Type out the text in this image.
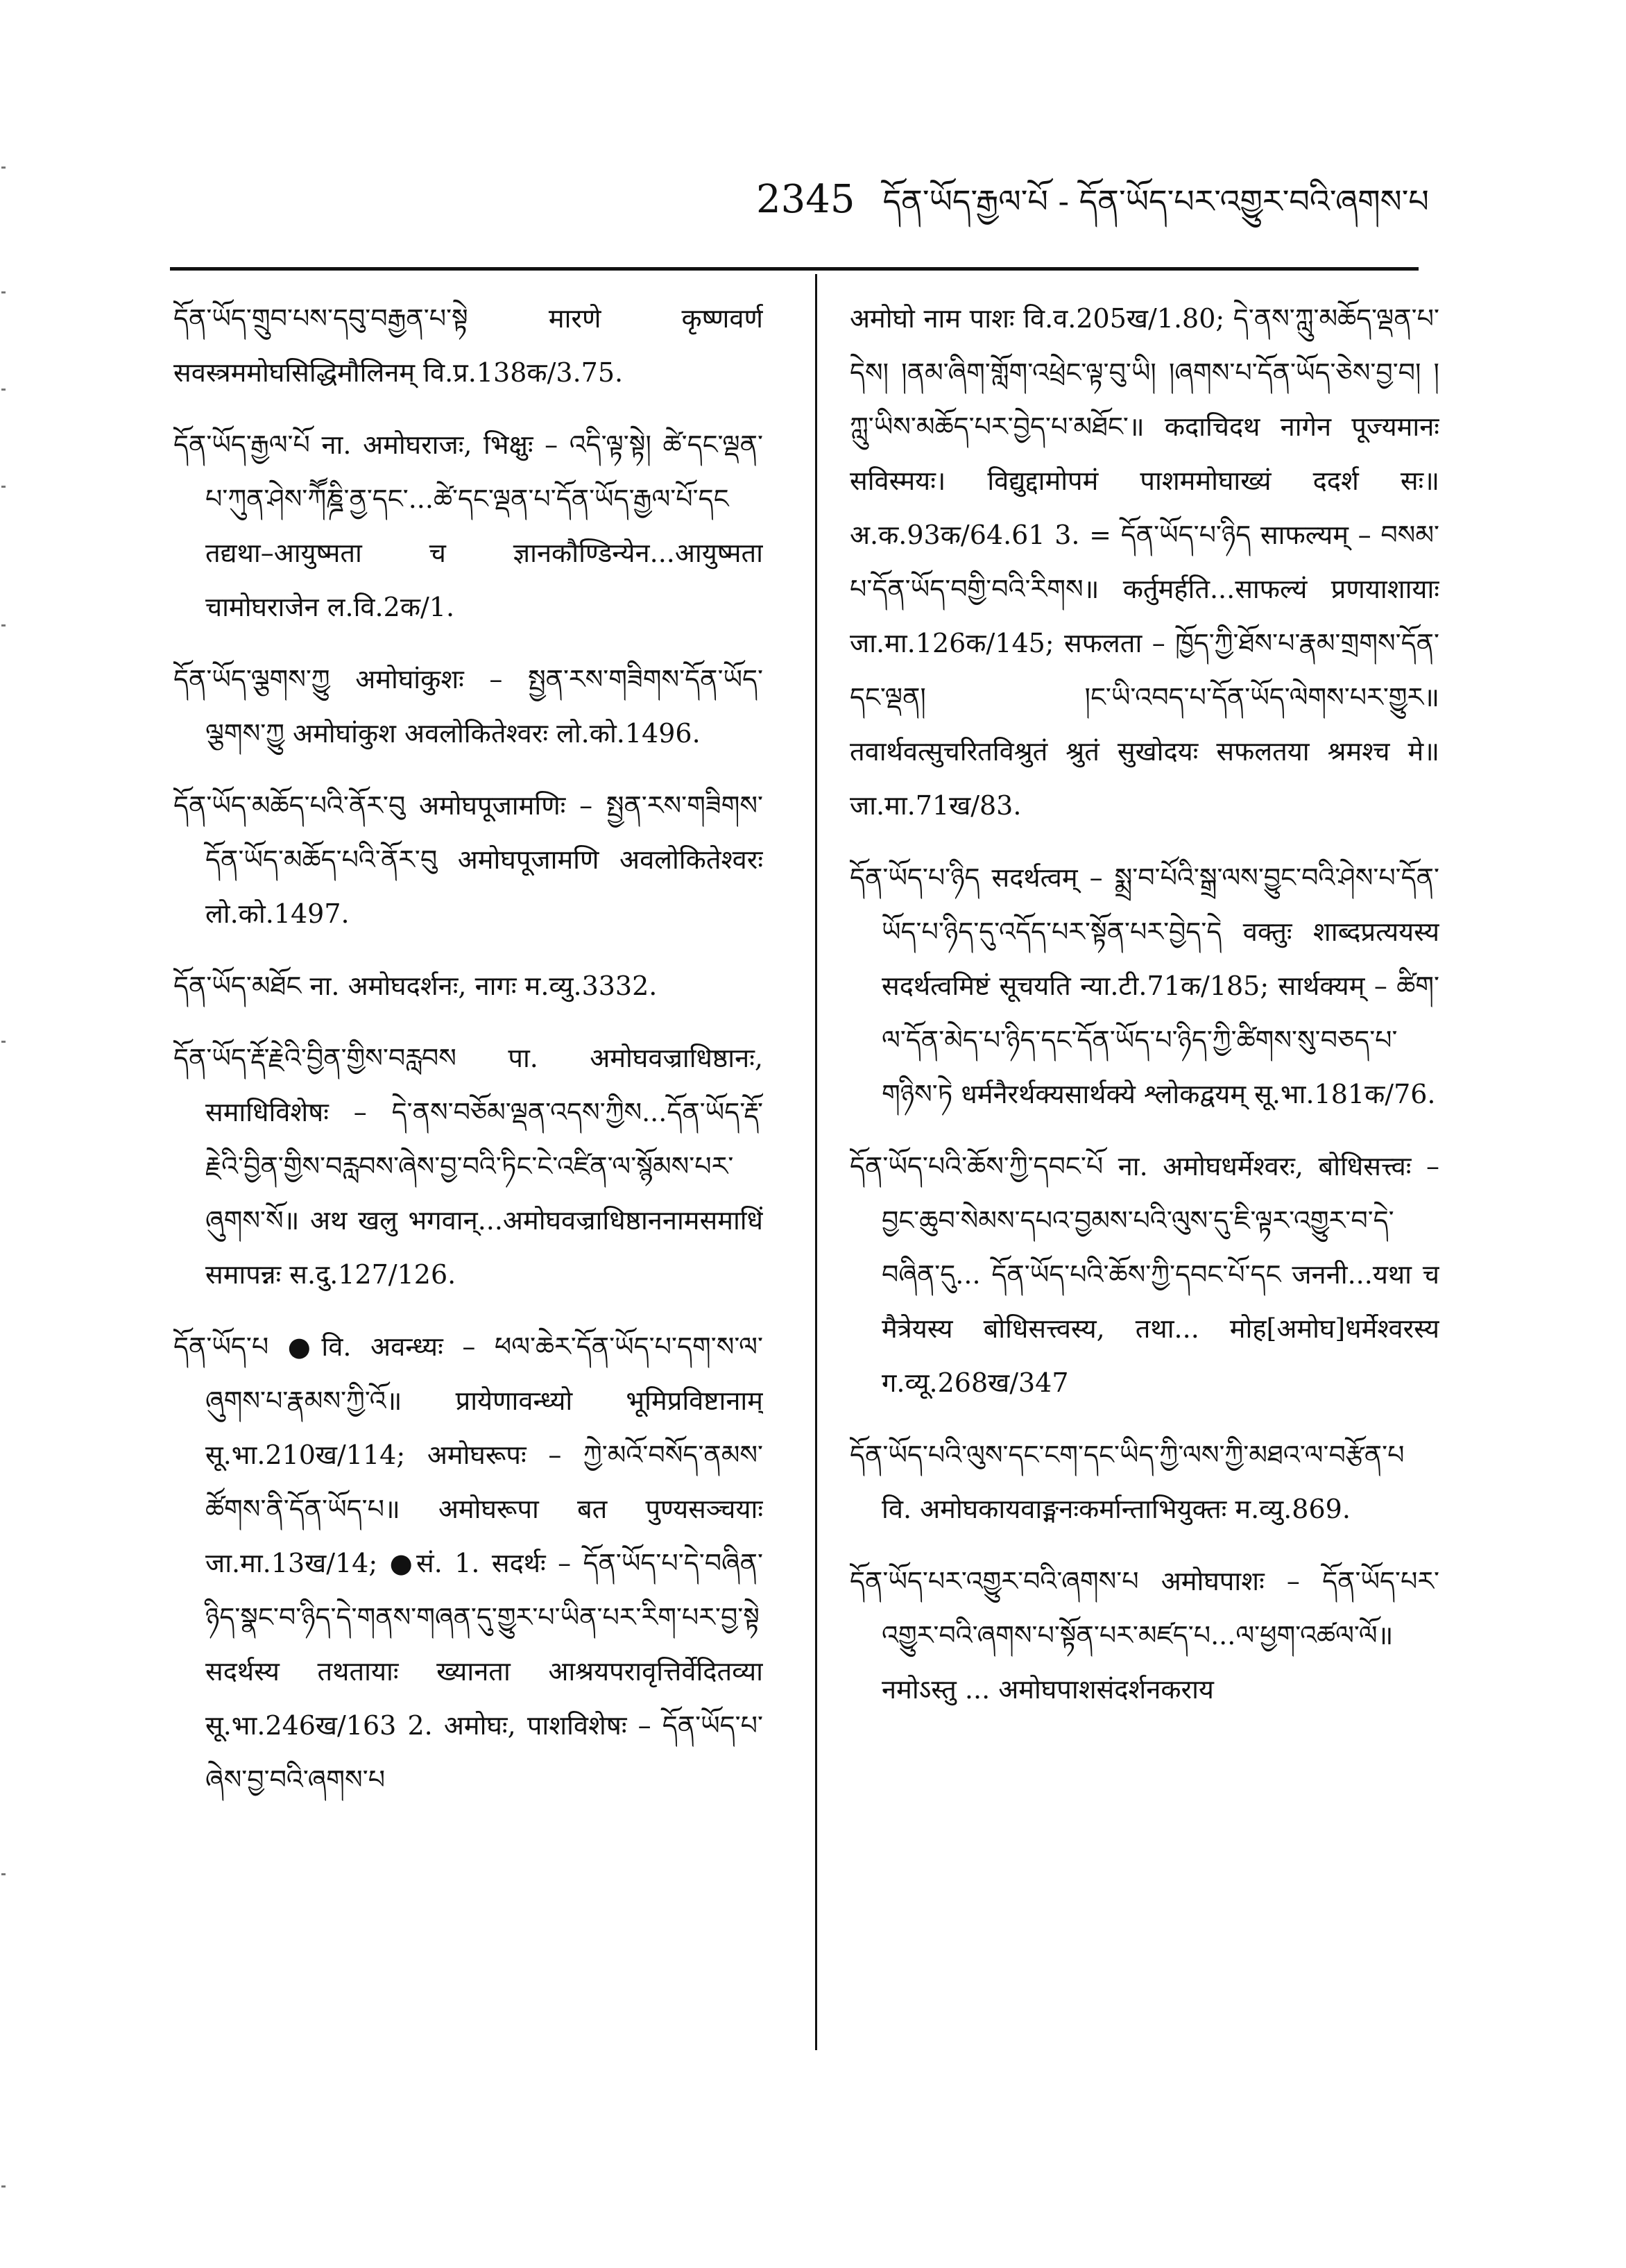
2345 དོན་ཡོད་རྒྱལ་པོ - དོན་ཡོད་པར་འགྱུར་བའི་ཞགས་པ

དོན་ཡོད་གྲུབ་པས་དབུ་བརྒྱན་པ་སྟེ मारणे कृष्णवर्ण सवस्त्रममोघसिद्धिमौलिनम् वि.प्र.138क/3.75.

དོན་ཡོད་རྒྱལ་པོ ना. अमोघराजः, भिक्षुः – འདི་ལྟ་སྟེ། ཚེ་དང་ལྡན་པ་ཀུན་ཤེས་ཀཽཎྜི་ནྱ་དང་...ཚེ་དང་ལྡན་པ་དོན་ཡོད་རྒྱལ་པོ་དང तद्यथा–आयुष्मता च ज्ञानकौण्डिन्येन...आयुष्मता चामोघराजेन ल.वि.2क/1.

དོན་ཡོད་ལྕགས་ཀྱུ अमोघांकुशः – སྤྱན་རས་གཟིགས་དོན་ཡོད་ལྕགས་ཀྱུ अमोघांकुश अवलोकितेश्वरः लो.को.1496.

དོན་ཡོད་མཆོད་པའི་ནོར་བུ अमोघपूजामणिः – སྤྱན་རས་གཟིགས་དོན་ཡོད་མཆོད་པའི་ནོར་བུ अमोघपूजामणि अवलोकितेश्वरः लो.को.1497.

དོན་ཡོད་མཐོང ना. अमोघदर्शनः, नागः म.व्यु.3332.

དོན་ཡོད་རྡོ་རྗེའི་བྱིན་གྱིས་བརླབས पा. अमोघवज्राधिष्ठानः, समाधिविशेषः – དེ་ནས་བཅོམ་ལྡན་འདས་ཀྱིས...དོན་ཡོད་རྡོ་རྗེའི་བྱིན་གྱིས་བརླབས་ཞེས་བྱ་བའི་ཏིང་ངེ་འཛིན་ལ་སྙོམས་པར་ཞུགས་སོ॥ अथ खलु भगवान्...अमोघवज्राधिष्ठाननामसमाधिं समापन्नः स.दु.127/126.

དོན་ཡོད་པ ●वि. अवन्ध्यः – ཕལ་ཆེར་དོན་ཡོད་པ་དག་ས་ལ་ཞུགས་པ་རྣམས་ཀྱི་འོ॥ प्रायेणावन्ध्यो भूमिप्रविष्टानाम् सू.भा.210ख/114; अमोघरूपः – ཀྱེ་མའོ་བསོད་ནམས་ཚོགས་ནི་དོན་ཡོད་པ॥ अमोघरूपा बत पुण्यसञ्चयाः जा.मा.13ख/14; ●सं. 1. सदर्थः – དོན་ཡོད་པ་དེ་བཞིན་ཉིད་སྣང་བ་ཉིད་དེ་གནས་གཞན་དུ་གྱུར་པ་ཡིན་པར་རིག་པར་བྱ་སྟེ सदर्थस्य तथतायाः ख्यानता आश्रयपरावृत्तिर्वेदितव्या सू.भा.246ख/163 2. अमोघः, पाशविशेषः – དོན་ཡོད་པ་ཞེས་བྱ་བའི་ཞགས་པ

अमोघो नाम पाशः वि.व.205ख/1.80; དེ་ནས་ཀླུ་མཆོད་ལྡན་པ་དེས། །ནམ་ཞིག་གློག་འཕྲེང་ལྟ་བུ་ཡི། །ཞགས་པ་དོན་ཡོད་ཅེས་བྱ་བ། །ཀླུ་ཡིས་མཆོད་པར་བྱེད་པ་མཐོང༌॥ कदाचिदथ नागेन पूज्यमानः सविस्मयः। विद्युद्दामोपमं पाशममोघाख्यं ददर्श सः॥ अ.क.93क/64.61 3. = དོན་ཡོད་པ་ཉིད साफल्यम् – བསམ་པ་དོན་ཡོད་བགྱི་བའི་རིགས॥ कर्तुमर्हति...साफल्यं प्रणयाशायाः जा.मा.126क/145; सफलता – ཁྱོད་ཀྱི་ཐོས་པ་རྣམ་གྲགས་དོན་དང་ལྡན། །ང་ཡི་འབད་པ་དོན་ཡོད་ལེགས་པར་གྱུར॥ तवार्थवत्सुचरितविश्रुतं श्रुतं सुखोदयः सफलतया श्रमश्च मे॥ जा.मा.71ख/83.

དོན་ཡོད་པ་ཉིད सदर्थत्वम् – སྨྲ་བ་པོའི་སྒྲ་ལས་བྱུང་བའི་ཤེས་པ་དོན་ཡོད་པ་ཉིད་དུ་འདོད་པར་སྟོན་པར་བྱེད་དེ वक्तुः शाब्दप्रत्ययस्य सदर्थत्वमिष्टं सूचयति न्या.टी.71क/185; सार्थक्यम् – ཚིག་ལ་དོན་མེད་པ་ཉིད་དང་དོན་ཡོད་པ་ཉིད་ཀྱི་ཚིགས་སུ་བཅད་པ་གཉིས་ཏེ धर्मनैरर्थक्यसार्थक्ये श्लोकद्वयम् सू.भा.181क/76.

དོན་ཡོད་པའི་ཆོས་ཀྱི་དབང་པོ ना. अमोघधर्मेश्वरः, बोधिसत्त्वः – བྱང་ཆུབ་སེམས་དཔའ་བྱམས་པའི་ལུས་དུ་ཇི་ལྟར་འགྱུར་བ་དེ་བཞིན་དུ... དོན་ཡོད་པའི་ཆོས་ཀྱི་དབང་པོ་དང जननी...यथा च मैत्रेयस्य बोधिसत्त्वस्य, तथा... मोह[अमोघ]धर्मेश्वरस्य ग.व्यू.268ख/347

དོན་ཡོད་པའི་ལུས་དང་ངག་དང་ཡིད་ཀྱི་ལས་ཀྱི་མཐའ་ལ་བརྩོན་པ वि. अमोघकायवाङ्मनःकर्मान्ताभियुक्तः म.व्यु.869.

དོན་ཡོད་པར་འགྱུར་བའི་ཞགས་པ अमोघपाशः – དོན་ཡོད་པར་འགྱུར་བའི་ཞགས་པ་སྟོན་པར་མཛད་པ...ལ་ཕྱག་འཚལ་ལོ॥ नमोऽस्तु ... अमोघपाशसंदर्शनकराय
